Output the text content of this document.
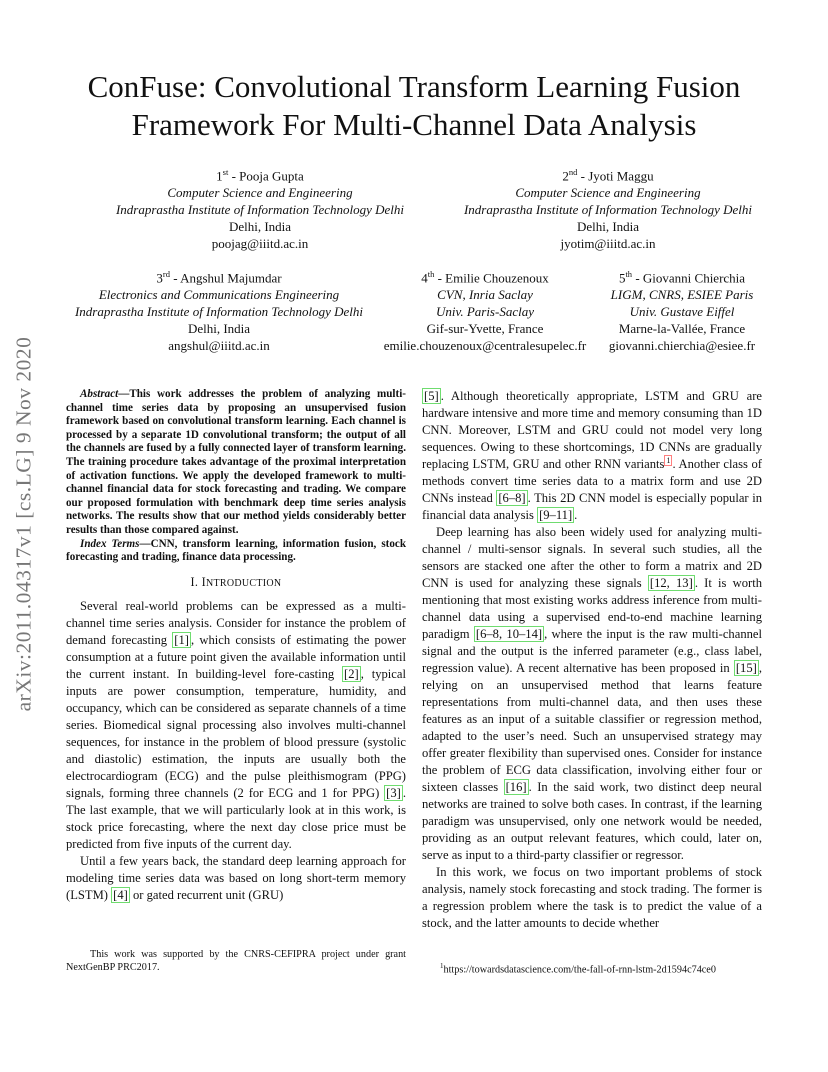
ConFuse: Convolutional Transform Learning Fusion
Framework For Multi-Channel Data Analysis
arXiv:2011.04317v1 [cs.LG] 9 Nov 2020
1st - Pooja Gupta
Computer Science and Engineering
Indraprastha Institute of Information Technology Delhi
Delhi, India
poojag@iiitd.ac.in
2nd - Jyoti Maggu
Computer Science and Engineering
Indraprastha Institute of Information Technology Delhi
Delhi, India
jyotim@iiitd.ac.in
3rd - Angshul Majumdar
Electronics and Communications Engineering
Indraprastha Institute of Information Technology Delhi
Delhi, India
angshul@iiitd.ac.in
4th - Emilie Chouzenoux
CVN, Inria Saclay
Univ. Paris-Saclay
Gif-sur-Yvette, France
emilie.chouzenoux@centralesupelec.fr
5th - Giovanni Chierchia
LIGM, CNRS, ESIEE Paris
Univ. Gustave Eiffel
Marne-la-Vallée, France
giovanni.chierchia@esiee.fr

Abstract—This work addresses the problem of analyzing multi-channel time series data by proposing an unsupervised fusion framework based on convolutional transform learning. Each channel is processed by a separate 1D convolutional transform; the output of all the channels are fused by a fully connected layer of transform learning. The training procedure takes advantage of the proximal interpretation of activation functions. We apply the developed framework to multi-channel financial data for stock forecasting and trading. We compare our proposed formulation with benchmark deep time series analysis networks. The results show that our method yields considerably better results than those compared against.

Index Terms—CNN, transform learning, information fusion, stock forecasting and trading, finance data processing.

I. INTRODUCTION

Several real-world problems can be expressed as a multi-channel time series analysis. Consider for instance the problem of demand forecasting [1] , which consists of estimating the power consumption at a future point given the available information until the current instant. In building-level fore-casting [2] , typical inputs are power consumption, temperature, humidity, and occupancy, which can be considered as separate channels of a time series. Biomedical signal processing also involves multi-channel sequences, for instance in the problem of blood pressure (systolic and diastolic) estimation, the inputs are usually both the electrocardiogram (ECG) and the pulse pleithismogram (PPG) signals, forming three channels (2 for ECG and 1 for PPG) [3] . The last example, that we will particularly look at in this work, is stock price forecasting, where the next day close price must be predicted from five inputs of the current day.

Until a few years back, the standard deep learning approach for modeling time series data was based on long short-term memory (LSTM) [4] or gated recurrent unit (GRU)

This work was supported by the CNRS-CEFIPRA project under grant NextGenBP PRC2017.

[5] . Although theoretically appropriate, LSTM and GRU are hardware intensive and more time and memory consuming than 1D CNN. Moreover, LSTM and GRU could not model very long sequences. Owing to these shortcomings, 1D CNNs are gradually replacing LSTM, GRU and other RNN variants $^1$ . Another class of methods convert time series data to a matrix form and use 2D CNNs instead [6–8] . This 2D CNN model is especially popular in financial data analysis [9–11] .

Deep learning has also been widely used for analyzing multi-channel / multi-sensor signals. In several such studies, all the sensors are stacked one after the other to form a matrix and 2D CNN is used for analyzing these signals [12, 13] . It is worth mentioning that most existing works address inference from multi-channel data using a supervised end-to-end machine learning paradigm [6–8, 10–14] , where the input is the raw multi-channel signal and the output is the inferred parameter (e.g., class label, regression value). A recent alternative has been proposed in [15] , relying on an unsupervised method that learns feature representations from multi-channel data, and then uses these features as an input of a suitable classifier or regression method, adapted to the user’s need. Such an unsupervised strategy may offer greater flexibility than supervised ones. Consider for instance the problem of ECG data classification, involving either four or sixteen classes [16] . In the said work, two distinct deep neural networks are trained to solve both cases. In contrast, if the learning paradigm was unsupervised, only one network would be needed, providing as an output relevant features, which could, later on, serve as input to a third-party classifier or regressor.

In this work, we focus on two important problems of stock analysis, namely stock forecasting and stock trading. The former is a regression problem where the task is to predict the value of a stock, and the latter amounts to decide whether

$^1$https://towardsdatascience.com/the-fall-of-rnn-lstm-2d1594c74ce0
